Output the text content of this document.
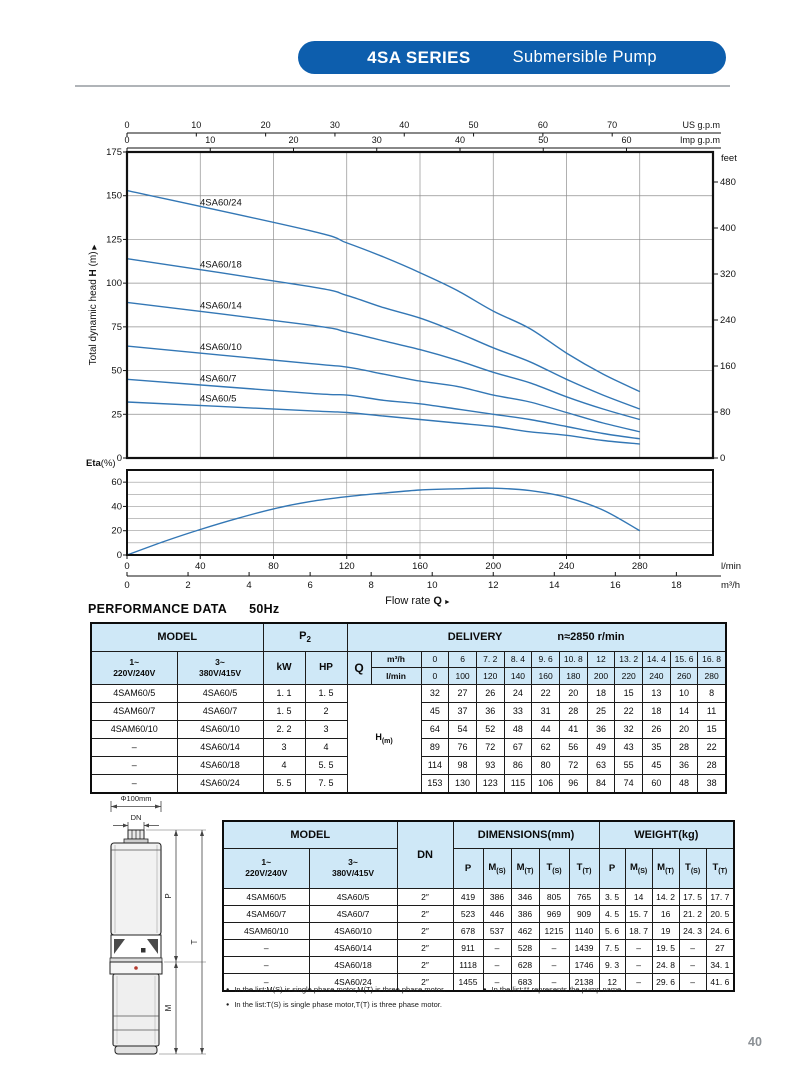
4SA SERIES	Submersible Pump
0	10	20	30	40	50	60	70	US g.p.m
0	10	20	30	40	50	60	Imp g.p.m
0
25
50
75
100
125
150
175
feet
0
80
160
240
320
400
480
4SA60/24
4SA60/18
4SA60/14
4SA60/10
4SA60/7
4SA60/5
0
20
40
60
Eta(%)
0	40	80	120	160	200	240	280	l/min
0	2	4	6	8	10	12	14	16	18	m³/h
Flow rate Q ►
Total dynamic head H (m) ▶
PERFORMANCE DATA 50Hz
MODEL		$P_2$		DELIVERY n≈2850 r/min												

1~
220V/240V

3~
380V/415V	kW	HP	Q	m³/h	0	6	7. 2	8. 4	9. 6	10. 8	12	13. 2	14. 4	15. 6	16. 8
					l/min	0	100	120	140	160	180	200	220	240	260	280
4SAM60/5	4SA60/5	1. 1	1. 5	$H_{(m)}$		32	27	26	24	22	20	18	15	13	10	8
4SAM60/7	4SA60/7	1. 5	2			45	37	36	33	31	28	25	22	18	14	11
4SAM60/10	4SA60/10	2. 2	3			64	54	52	48	44	41	36	32	26	20	15
–	4SA60/14	3	4			89	76	72	67	62	56	49	43	35	28	22
–	4SA60/18	4	5. 5			114	98	93	86	80	72	63	55	45	36	28
–	4SA60/24	5. 5	7. 5			153	130	123	115	106	96	84	74	60	48	38
Φ100mm
DN
P
M
T
MODEL		DN	DIMENSIONS(mm)					WEIGHT(kg)				

1~
220V/240V

3~
380V/415V	P	$M_{(S)}$	$M_{(T)}$	$T_{(S)}$	$T_{(T)}$	P	$M_{(S)}$	$M_{(T)}$	$T_{(S)}$	$T_{(T)}$
4SAM60/5	4SA60/5	2″	419	386	346	805	765	3. 5	14	14. 2	17. 5	17. 7
4SAM60/7	4SA60/7	2″	523	446	386	969	909	4. 5	15. 7	16	21. 2	20. 5
4SAM60/10	4SA60/10	2″	678	537	462	1215	1140	5. 6	18. 7	19	24. 3	24. 6
–	4SA60/14	2″	911	–	528	–	1439	7. 5	–	19. 5	–	27
–	4SA60/18	2″	1118	–	628	–	1746	9. 3	–	24. 8	–	34. 1
–	4SA60/24	2″	1455	–	683	–	2138	12	–	29. 6	–	41. 6
● In the list:M(S) is single phase motor,M(T) is three phase motor.	● In the list:** represents the pump name.
● In the list:T(S) is single phase motor,T(T) is three phase motor.
40
